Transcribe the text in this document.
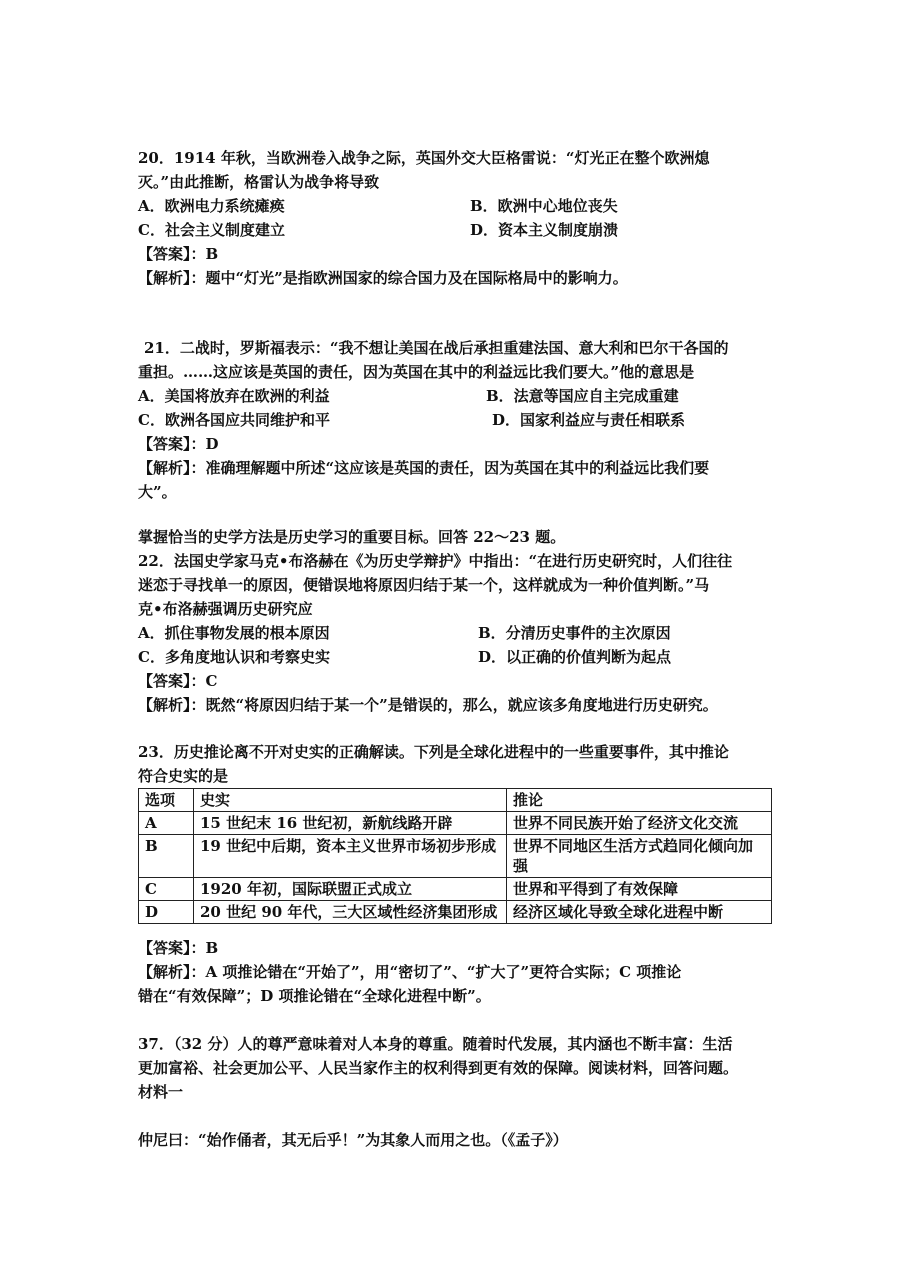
20．1914 年秋，当欧洲卷入战争之际，英国外交大臣格雷说：“灯光正在整个欧洲熄
灭。”由此推断，格雷认为战争将导致
A．欧洲电力系统瘫痪	B．欧洲中心地位丧失
C．社会主义制度建立	D．资本主义制度崩溃
【答案】：B
【解析】：题中“灯光”是指欧洲国家的综合国力及在国际格局中的影响力。
21．二战时，罗斯福表示：“我不想让美国在战后承担重建法国、意大利和巴尔干各国的
重担。……这应该是英国的责任，因为英国在其中的利益远比我们要大。”他的意思是
A．美国将放弃在欧洲的利益	B．法意等国应自主完成重建
C．欧洲各国应共同维护和平	D．国家利益应与责任相联系
【答案】：D
【解析】：准确理解题中所述“这应该是英国的责任，因为英国在其中的利益远比我们要
大”。
掌握恰当的史学方法是历史学习的重要目标。回答 22～23 题。
22．法国史学家马克•布洛赫在《为历史学辩护》中指出：“在进行历史研究时，人们往往
迷恋于寻找单一的原因，便错误地将原因归结于某一个，这样就成为一种价值判断。”马
克•布洛赫强调历史研究应
A．抓住事物发展的根本原因	B．分清历史事件的主次原因
C．多角度地认识和考察史实	D．以正确的价值判断为起点
【答案】：C
【解析】：既然“将原因归结于某一个”是错误的，那么，就应该多角度地进行历史研究。
23．历史推论离不开对史实的正确解读。下列是全球化进程中的一些重要事件，其中推论
符合史实的是
选项	史实	推论
A	15 世纪末 16 世纪初，新航线路开辟	世界不同民族开始了经济文化交流
B	19 世纪中后期，资本主义世界市场初步形成	世界不同地区生活方式趋同化倾向加强
C	1920 年初，国际联盟正式成立	世界和平得到了有效保障
D	20 世纪 90 年代，三大区域性经济集团形成	经济区域化导致全球化进程中断
【答案】：B
【解析】：A 项推论错在“开始了”，用“密切了”、“扩大了”更符合实际；C 项推论
错在“有效保障”；D 项推论错在“全球化进程中断”。
37．（32 分）人的尊严意味着对人本身的尊重。随着时代发展，其内涵也不断丰富：生活
更加富裕、社会更加公平、人民当家作主的权利得到更有效的保障。阅读材料，回答问题。
材料一
仲尼曰：“始作俑者，其无后乎！”为其象人而用之也。（《孟子》）
